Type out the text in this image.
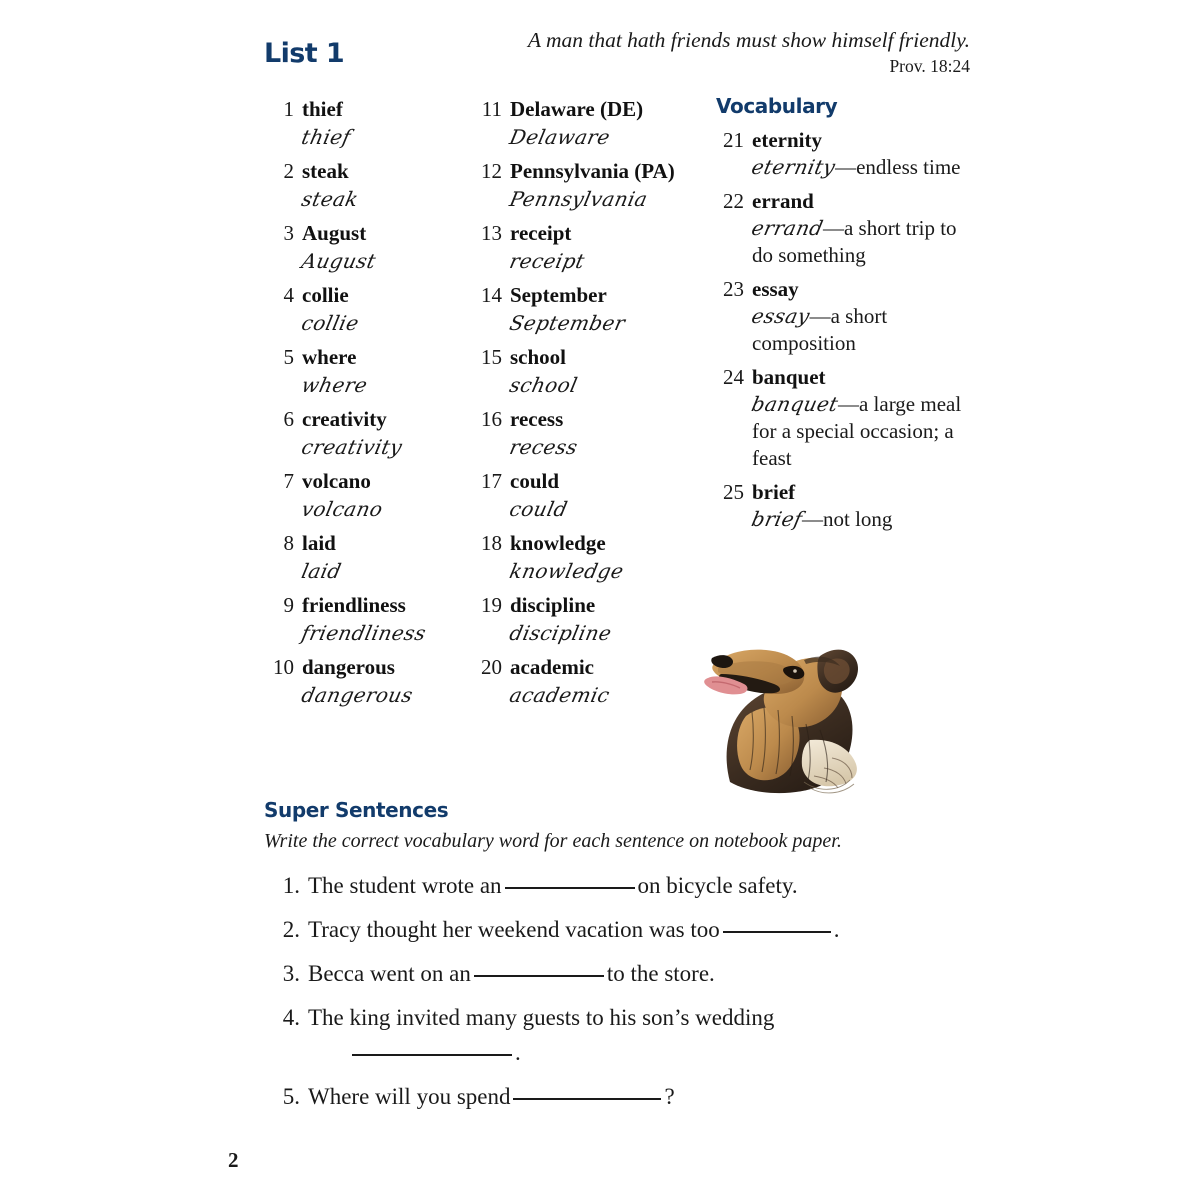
List 1	A man that hath friends must show himself friendly.
Prov. 18:24
1 thief
thief
2 steak
steak
3 August
August
4 collie
collie
5 where
where
6 creativity
creativity
7 volcano
volcano
8 laid
laid
9 friendliness
friendliness
10 dangerous
dangerous
11 Delaware (DE)
Delaware
12 Pennsylvania (PA)
Pennsylvania
13 receipt
receipt
14 September
September
15 school
school
16 recess
recess
17 could
could
18 knowledge
knowledge
19 discipline
discipline
20 academic
academic
Vocabulary
21 eternity
eternity—endless time
22 errand
errand—a short trip to do something
23 essay
essay—a short composition
24 banquet
banquet—a large meal for a special occasion; a feast
25 brief
brief—not long
Super Sentences
Write the correct vocabulary word for each sentence on notebook paper.
1. The student wrote an	on bicycle safety.
2. Tracy thought her weekend vacation was too	.
3. Becca went on an	to the store.
4. The king invited many guests to his son’s wedding
.
5. Where will you spend	?
2
